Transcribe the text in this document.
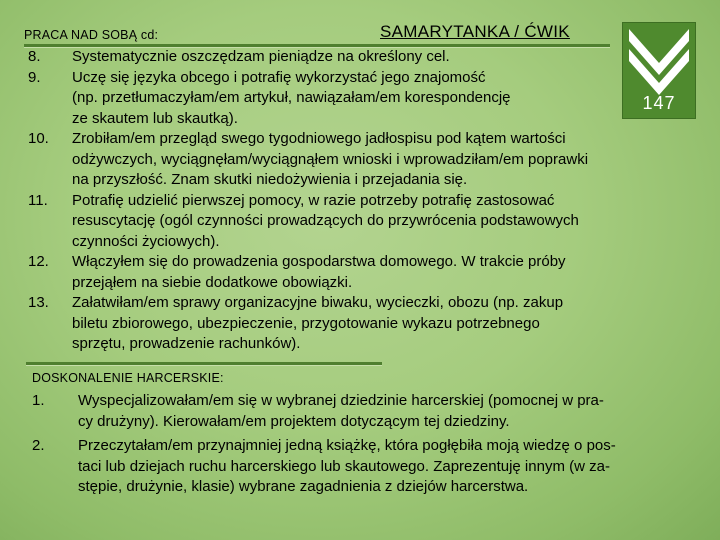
PRACA NAD SOBĄ cd:	SAMARYTANKA / ĆWIK
147
8. Systematycznie oszczędzam pieniądze na określony cel.
9. Uczę się języka obcego i potrafię wykorzystać jego znajomość
(np. przetłumaczyłam/em artykuł, nawiązałam/em korespondencję
ze skautem lub skautką).
10. Zrobiłam/em przegląd swego tygodniowego jadłospisu pod kątem wartości
odżywczych, wyciągnęłam/wyciągnąłem wnioski i wprowadziłam/em poprawki
na przyszłość. Znam skutki niedożywienia i przejadania się.
11. Potrafię udzielić pierwszej pomocy, w razie potrzeby potrafię zastosować
resuscytację (ogól czynności prowadzących do przywrócenia podstawowych
czynności życiowych).
12. Włączyłem się do prowadzenia gospodarstwa domowego. W trakcie próby
przejąłem na siebie dodatkowe obowiązki.
13. Załatwiłam/em sprawy organizacyjne biwaku, wycieczki, obozu (np. zakup
biletu zbiorowego, ubezpieczenie, przygotowanie wykazu potrzebnego
sprzętu, prowadzenie rachunków).
DOSKONALENIE HARCERSKIE:
1. Wyspecjalizowałam/em się w wybranej dziedzinie harcerskiej (pomocnej w pra-
cy drużyny). Kierowałam/em projektem dotyczącym tej dziedziny.
2. Przeczytałam/em przynajmniej jedną książkę, która pogłębiła moją wiedzę o pos-
taci lub dziejach ruchu harcerskiego lub skautowego. Zaprezentuję innym (w za-
stępie, drużynie, klasie) wybrane zagadnienia z dziejów harcerstwa.
